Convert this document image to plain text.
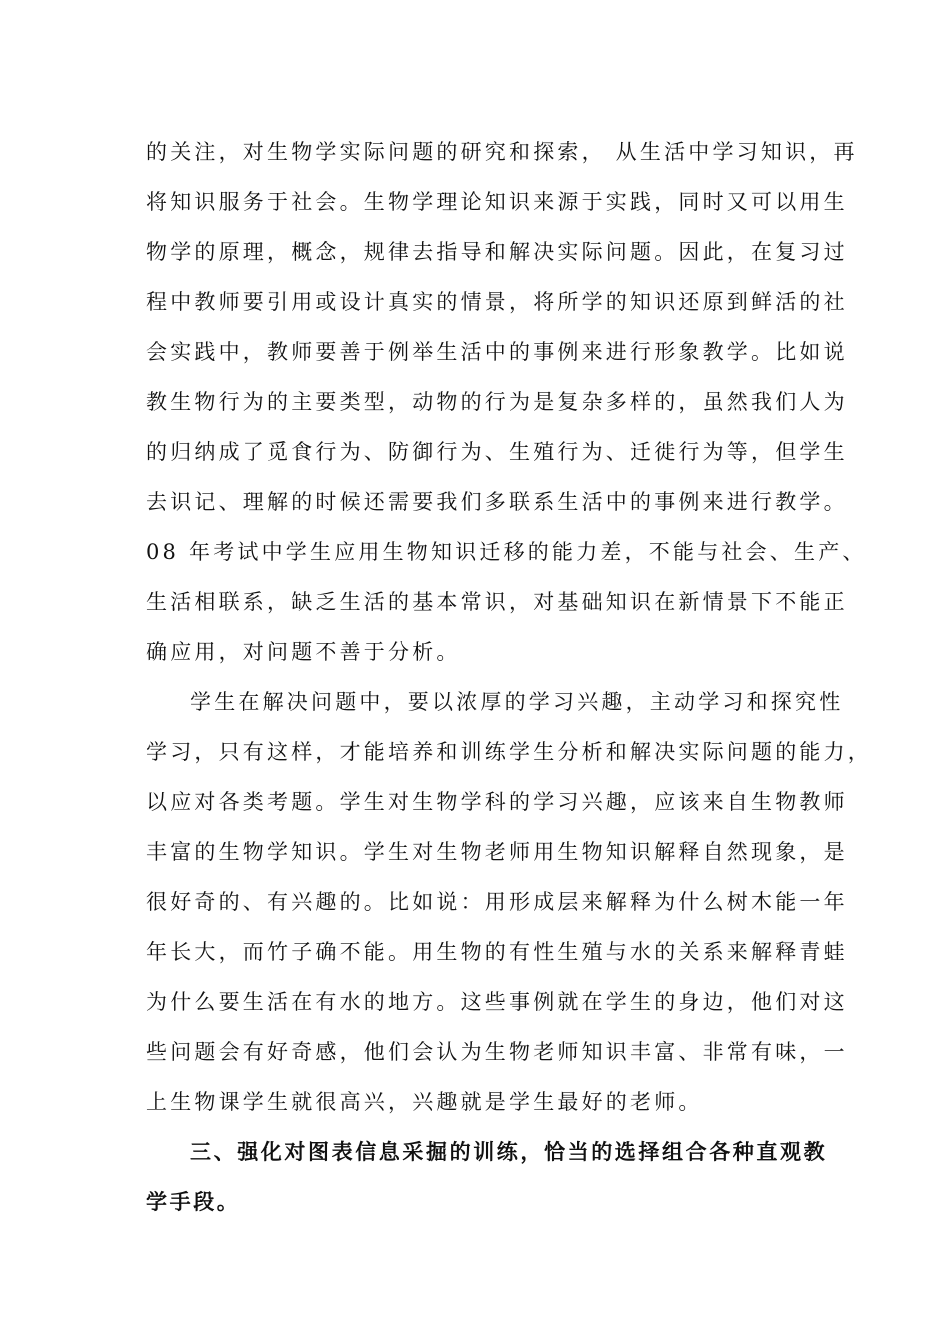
的关注，对生物学实际问题的研究和探索， 从生活中学习知识，再
将知识服务于社会。生物学理论知识来源于实践，同时又可以用生
物学的原理，概念，规律去指导和解决实际问题。因此，在复习过
程中教师要引用或设计真实的情景，将所学的知识还原到鲜活的社
会实践中，教师要善于例举生活中的事例来进行形象教学。比如说
教生物行为的主要类型，动物的行为是复杂多样的，虽然我们人为
的归纳成了觅食行为、防御行为、生殖行为、迁徙行为等，但学生
去识记、理解的时候还需要我们多联系生活中的事例来进行教学。
08 年考试中学生应用生物知识迁移的能力差，不能与社会、生产、
生活相联系，缺乏生活的基本常识，对基础知识在新情景下不能正
确应用，对问题不善于分析。
学生在解决问题中，要以浓厚的学习兴趣，主动学习和探究性
学习，只有这样，才能培养和训练学生分析和解决实际问题的能力，
以应对各类考题。学生对生物学科的学习兴趣，应该来自生物教师
丰富的生物学知识。学生对生物老师用生物知识解释自然现象，是
很好奇的、有兴趣的。比如说：用形成层来解释为什么树木能一年
年长大，而竹子确不能。用生物的有性生殖与水的关系来解释青蛙
为什么要生活在有水的地方。这些事例就在学生的身边，他们对这
些问题会有好奇感，他们会认为生物老师知识丰富、非常有味，一
上生物课学生就很高兴，兴趣就是学生最好的老师。
三、强化对图表信息采掘的训练，恰当的选择组合各种直观教
学手段。
